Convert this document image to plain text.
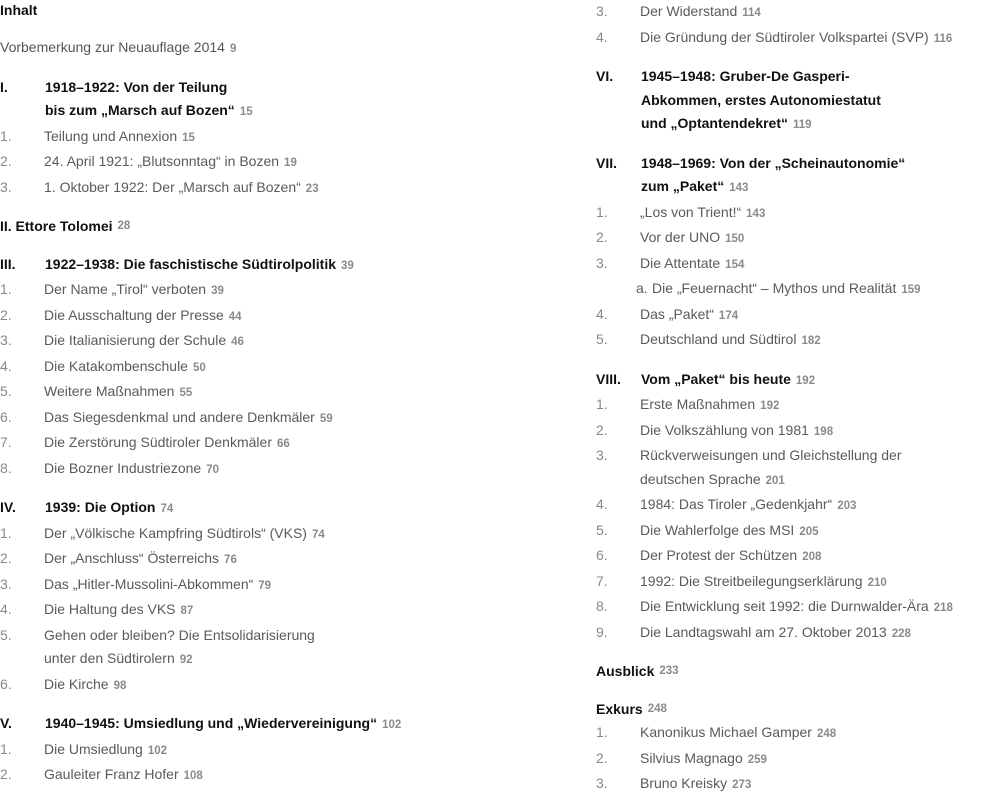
Inhalt

Vorbemerkung zur Neuauflage 2014 9

I.	1918–1922: Von der Teilung
bis zum „Marsch auf Bozen“ 15
1.	Teilung und Annexion 15
2.	24. April 1921: „Blutsonntag“ in Bozen 19
3.	1. Oktober 1922: Der „Marsch auf Bozen“ 23
II. Ettore Tolomei 28
III.	1922–1938: Die faschistische Südtirolpolitik 39
1.	Der Name „Tirol“ verboten 39
2.	Die Ausschaltung der Presse 44
3.	Die Italianisierung der Schule 46
4.	Die Katakombenschule 50
5.	Weitere Maßnahmen 55
6.	Das Siegesdenkmal und andere Denkmäler 59
7.	Die Zerstörung Südtiroler Denkmäler 66
8.	Die Bozner Industriezone 70
IV.	1939: Die Option 74
1.	Der „Völkische Kampfring Südtirols“ (VKS) 74
2.	Der „Anschluss“ Österreichs 76
3.	Das „Hitler-Mussolini-Abkommen“ 79
4.	Die Haltung des VKS 87
5.	Gehen oder bleiben? Die Entsolidarisierung
unter den Südtirolern 92
6.	Die Kirche 98
V.	1940–1945: Umsiedlung und „Wiedervereinigung“ 102
1.	Die Umsiedlung 102
2.	Gauleiter Franz Hofer 108
3.	Der Widerstand 114
4.	Die Gründung der Südtiroler Volkspartei (SVP) 116
VI.	1945–1948: Gruber-De Gasperi-
Abkommen, erstes Autonomiestatut
und „Optantendekret“ 119
VII.	1948–1969: Von der „Scheinautonomie“
zum „Paket“ 143
1.	„Los von Trient!“ 143
2.	Vor der UNO 150
3.	Die Attentate 154
a. Die „Feuernacht“ – Mythos und Realität 159
4.	Das „Paket“ 174
5.	Deutschland und Südtirol 182
VIII.	Vom „Paket“ bis heute 192
1.	Erste Maßnahmen 192
2.	Die Volkszählung von 1981 198
3.	Rückverweisungen und Gleichstellung der
deutschen Sprache 201
4.	1984: Das Tiroler „Gedenkjahr“ 203
5.	Die Wahlerfolge des MSI 205
6.	Der Protest der Schützen 208
7.	1992: Die Streitbeilegungserklärung 210
8.	Die Entwicklung seit 1992: die Durnwalder-Ära 218
9.	Die Landtagswahl am 27. Oktober 2013 228
Ausblick 233
Exkurs 248
1.	Kanonikus Michael Gamper 248
2.	Silvius Magnago 259
3.	Bruno Kreisky 273
